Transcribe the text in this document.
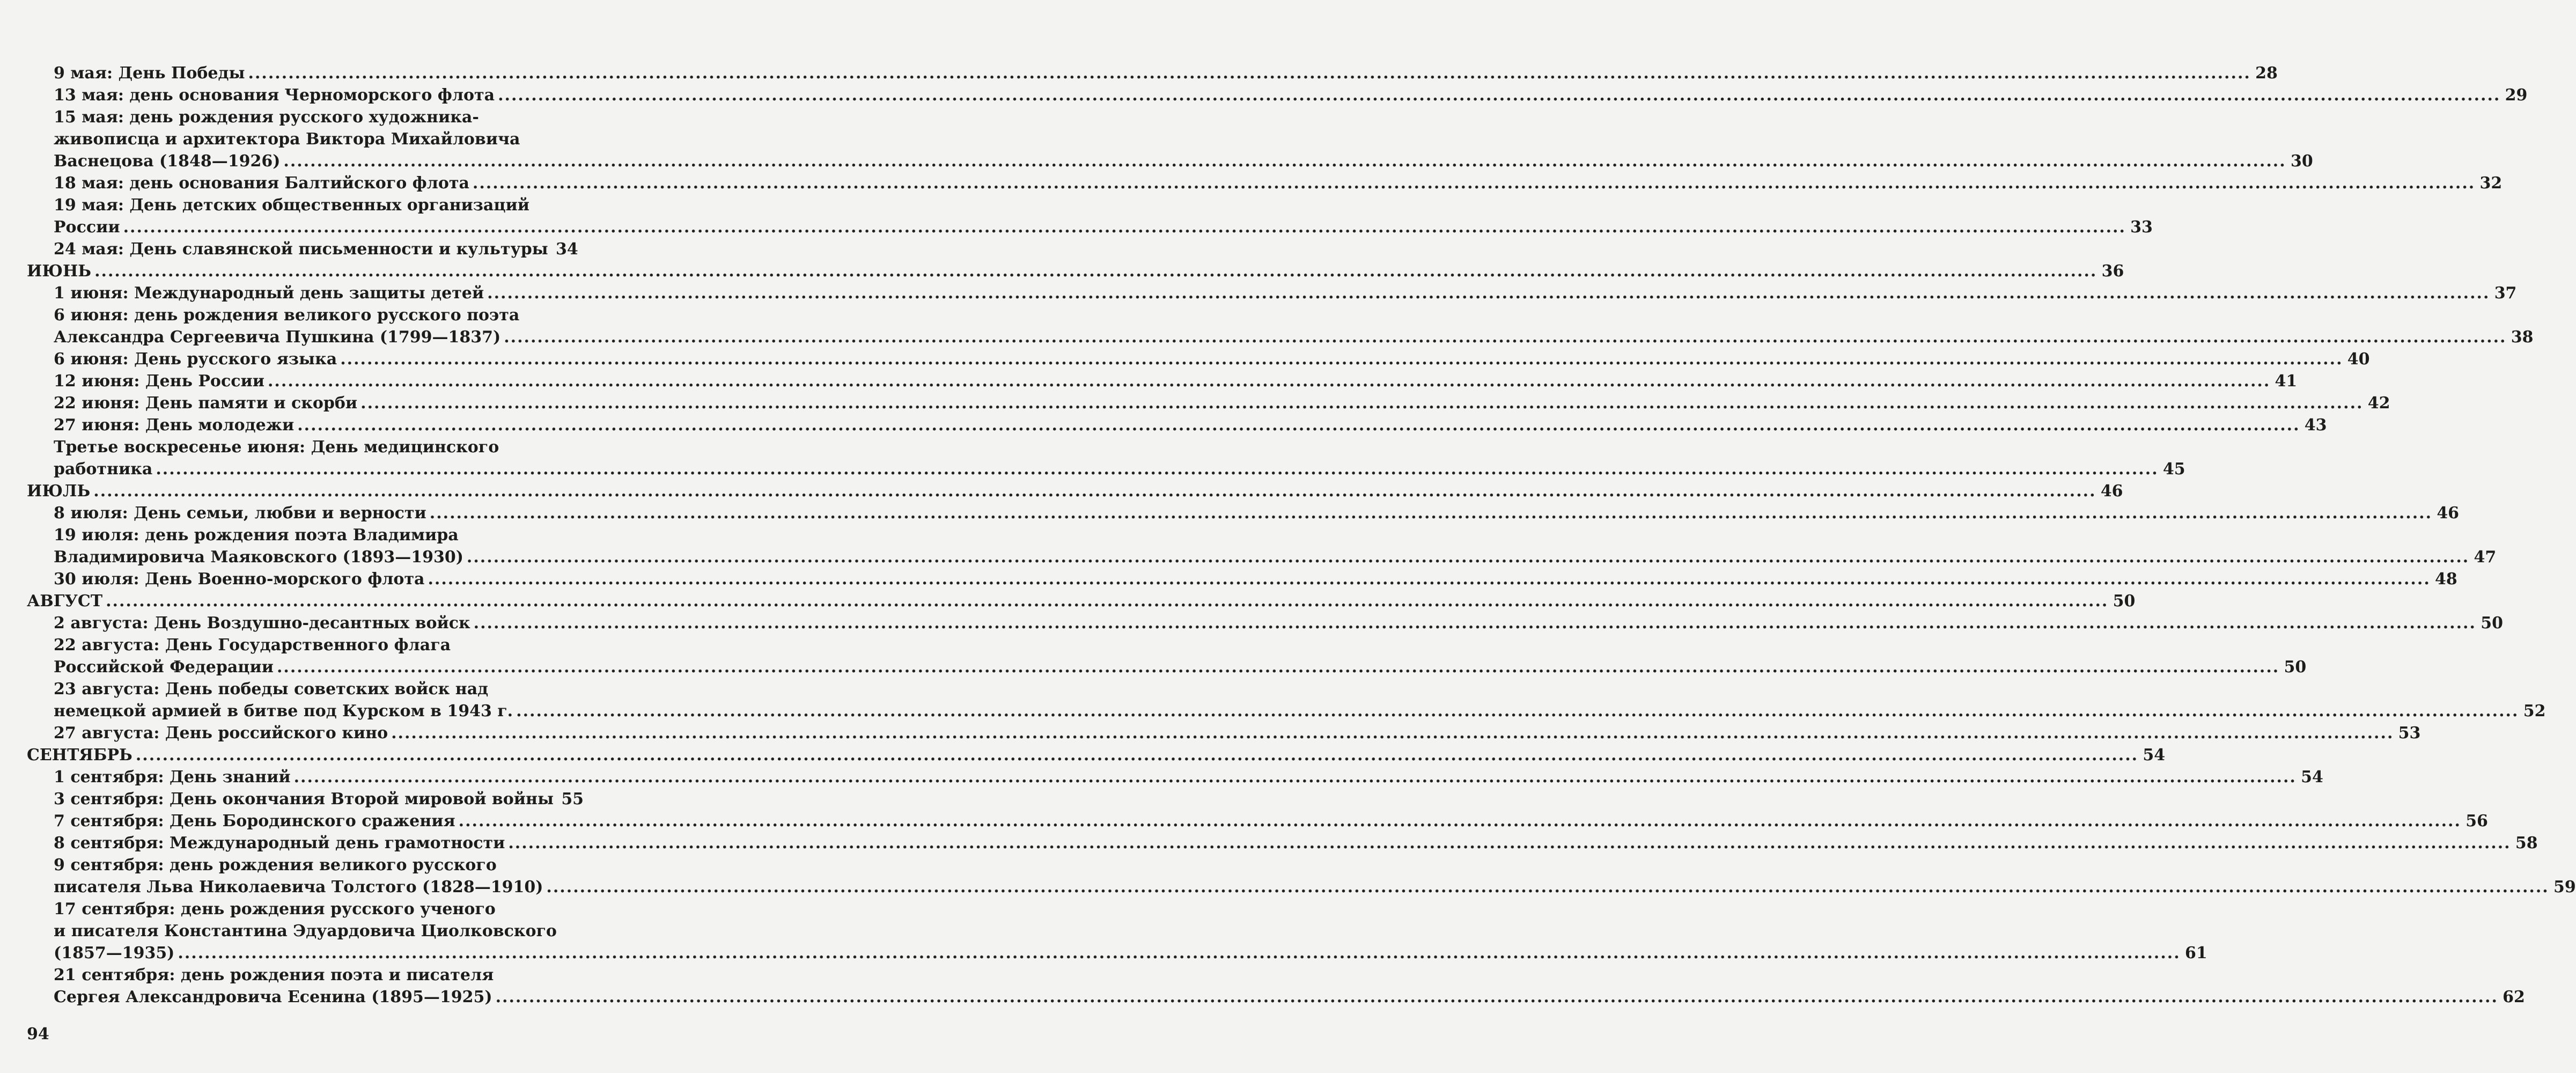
9 мая: День Победы ............................................................................................................................................................................................................................................................................................................ 28
13 мая: день основания Черноморского флота ............................................................................................................................................................................................................................................................................................................ 29
15 мая: день рождения русского художника-
живописца и архитектора Виктора Михайловича
Васнецова (1848—1926) ............................................................................................................................................................................................................................................................................................................ 30
18 мая: день основания Балтийского флота ............................................................................................................................................................................................................................................................................................................ 32
19 мая: День детских общественных организаций
России ............................................................................................................................................................................................................................................................................................................ 33
24 мая: День славянской письменности и культуры 34
ИЮНЬ ............................................................................................................................................................................................................................................................................................................ 36
1 июня: Международный день защиты детей ............................................................................................................................................................................................................................................................................................................ 37
6 июня: день рождения великого русского поэта
Александра Сергеевича Пушкина (1799—1837) ............................................................................................................................................................................................................................................................................................................ 38
6 июня: День русского языка ............................................................................................................................................................................................................................................................................................................ 40
12 июня: День России ............................................................................................................................................................................................................................................................................................................ 41
22 июня: День памяти и скорби ............................................................................................................................................................................................................................................................................................................ 42
27 июня: День молодежи ............................................................................................................................................................................................................................................................................................................ 43
Третье воскресенье июня: День медицинского
работника ............................................................................................................................................................................................................................................................................................................ 45
ИЮЛЬ ............................................................................................................................................................................................................................................................................................................ 46
8 июля: День семьи, любви и верности ............................................................................................................................................................................................................................................................................................................ 46
19 июля: день рождения поэта Владимира
Владимировича Маяковского (1893—1930) ............................................................................................................................................................................................................................................................................................................ 47
30 июля: День Военно-морского флота ............................................................................................................................................................................................................................................................................................................ 48
АВГУСТ ............................................................................................................................................................................................................................................................................................................ 50
2 августа: День Воздушно-десантных войск ............................................................................................................................................................................................................................................................................................................ 50
22 августа: День Государственного флага
Российской Федерации ............................................................................................................................................................................................................................................................................................................ 50
23 августа: День победы советских войск над
немецкой армией в битве под Курском в 1943 г. ............................................................................................................................................................................................................................................................................................................ 52
27 августа: День российского кино ............................................................................................................................................................................................................................................................................................................ 53
СЕНТЯБРЬ ............................................................................................................................................................................................................................................................................................................ 54
1 сентября: День знаний ............................................................................................................................................................................................................................................................................................................ 54
3 сентября: День окончания Второй мировой войны 55
7 сентября: День Бородинского сражения ............................................................................................................................................................................................................................................................................................................ 56
8 сентября: Международный день грамотности ............................................................................................................................................................................................................................................................................................................ 58
9 сентября: день рождения великого русского
писателя Льва Николаевича Толстого (1828—1910) ............................................................................................................................................................................................................................................................................................................ 59
17 сентября: день рождения русского ученого
и писателя Константина Эдуардовича Циолковского
(1857—1935) ............................................................................................................................................................................................................................................................................................................ 61
21 сентября: день рождения поэта и писателя
Сергея Александровича Есенина (1895—1925) ............................................................................................................................................................................................................................................................................................................ 62
94
